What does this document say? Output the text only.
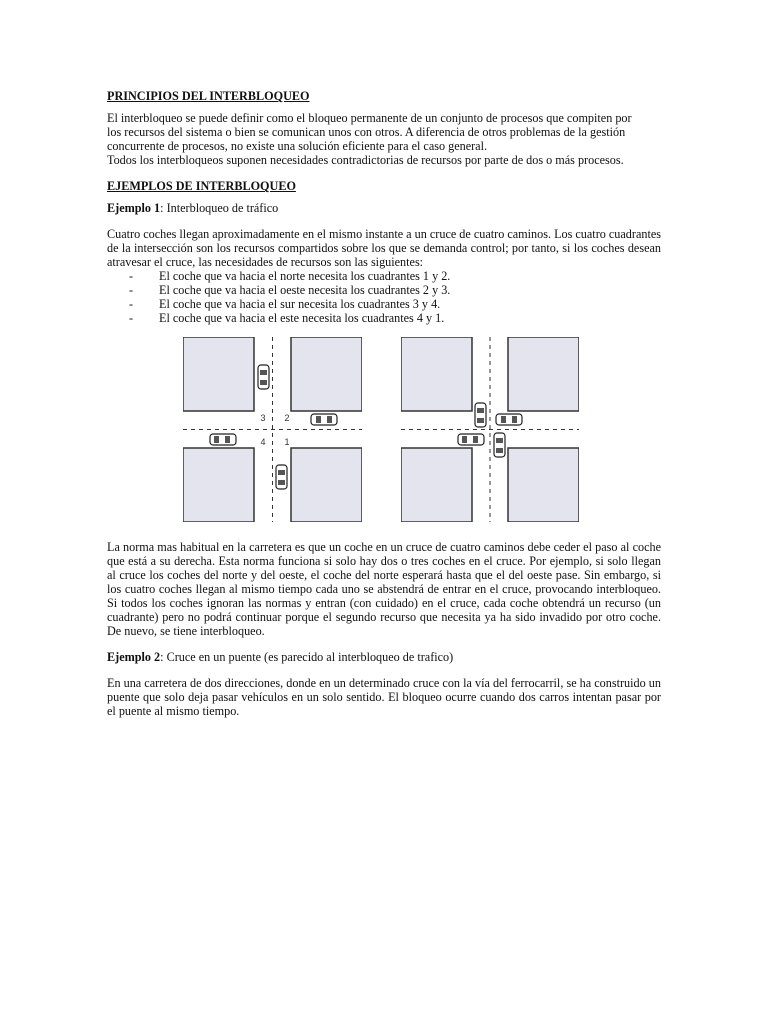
PRINCIPIOS DEL INTERBLOQUEO

El interbloqueo se puede definir como el bloqueo permanente de un conjunto de procesos que compiten por
los recursos del sistema o bien se comunican unos con otros. A diferencia de otros problemas de la gestión
concurrente de procesos, no existe una solución eficiente para el caso general.

Todos los interbloqueos suponen necesidades contradictorias de recursos por parte de dos o más procesos.

EJEMPLOS DE INTERBLOQUEO

Ejemplo 1: Interbloqueo de tráfico

Cuatro coches llegan aproximadamente en el mismo instante a un cruce de cuatro caminos. Los cuatro cuadrantes de la intersección son los recursos compartidos sobre los que se demanda control; por tanto, si los coches desean atravesar el cruce, las necesidades de recursos son las siguientes:

- El coche que va hacia el norte necesita los cuadrantes 1 y 2.
- El coche que va hacia el oeste necesita los cuadrantes 2 y 3.
- El coche que va hacia el sur necesita los cuadrantes 3 y 4.
- El coche que va hacia el este necesita los cuadrantes 4 y 1.
3 2
4 1

La norma mas habitual en la carretera es que un coche en un cruce de cuatro caminos debe ceder el paso al coche que está a su derecha. Esta norma funciona si solo hay dos o tres coches en el cruce. Por ejemplo, si solo llegan al cruce los coches del norte y del oeste, el coche del norte esperará hasta que el del oeste pase. Sin embargo, si los cuatro coches llegan al mismo tiempo cada uno se abstendrá de entrar en el cruce, provocando interbloqueo. Si todos los coches ignoran las normas y entran (con cuidado) en el cruce, cada coche obtendrá un recurso (un cuadrante) pero no podrá continuar porque el segundo recurso que necesita ya ha sido invadido por otro coche. De nuevo, se tiene interbloqueo.

Ejemplo 2: Cruce en un puente (es parecido al interbloqueo de trafico)

En una carretera de dos direcciones, donde en un determinado cruce con la vía del ferrocarril, se ha construido un puente que solo deja pasar vehículos en un solo sentido. El bloqueo ocurre cuando dos carros intentan pasar por el puente al mismo tiempo.
